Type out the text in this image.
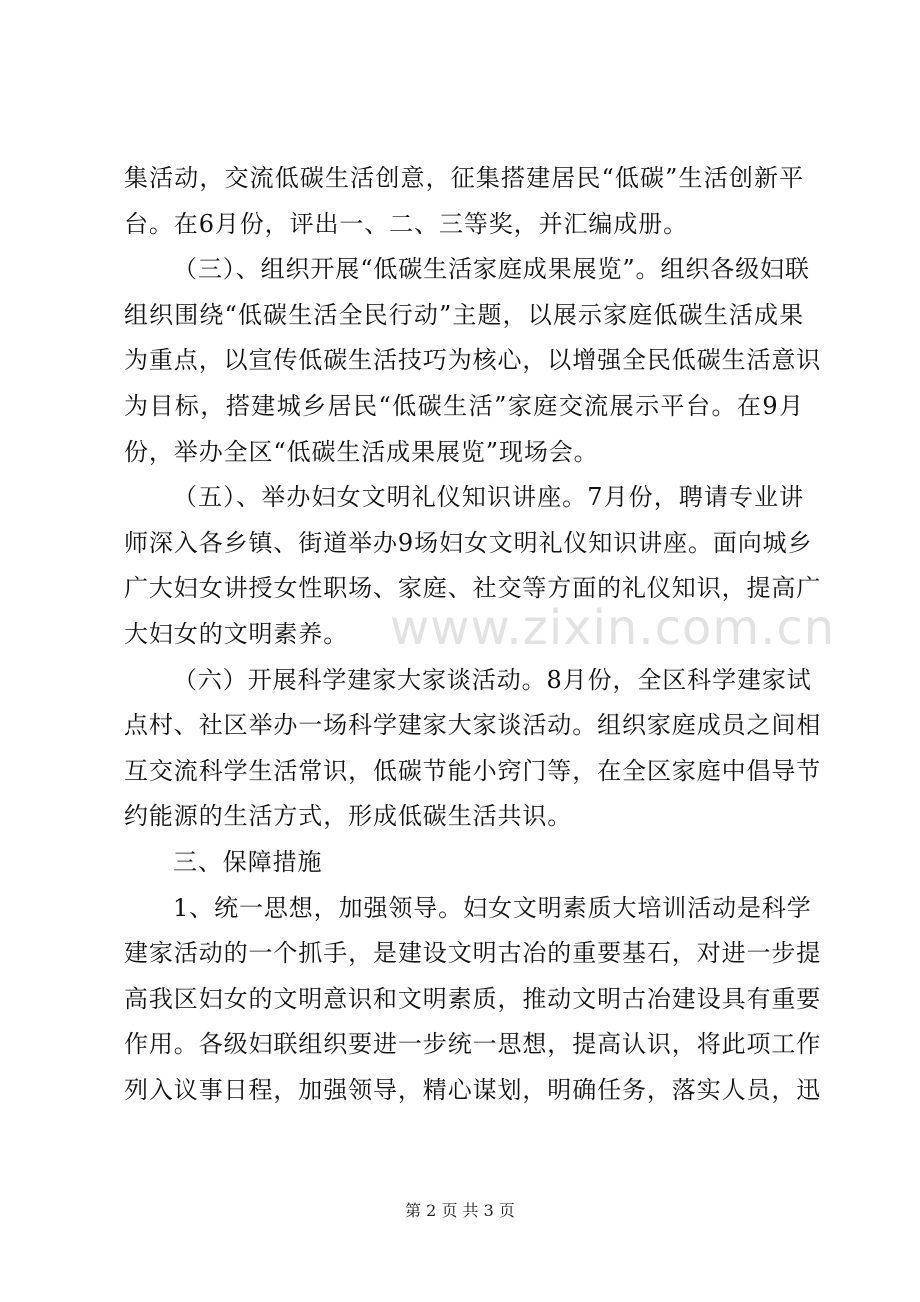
集活动，交流低碳生活创意，征集搭建居民“低碳”生活创新平
台。在6月份，评出一、二、三等奖，并汇编成册。
（三）、组织开展“低碳生活家庭成果展览”。组织各级妇联
组织围绕“低碳生活全民行动”主题，以展示家庭低碳生活成果
为重点，以宣传低碳生活技巧为核心，以增强全民低碳生活意识
为目标，搭建城乡居民“低碳生活”家庭交流展示平台。在9月
份，举办全区“低碳生活成果展览”现场会。
（五）、举办妇女文明礼仪知识讲座。7月份，聘请专业讲
师深入各乡镇、街道举办9场妇女文明礼仪知识讲座。面向城乡
广大妇女讲授女性职场、家庭、社交等方面的礼仪知识，提高广
大妇女的文明素养。
（六）开展科学建家大家谈活动。8月份，全区科学建家试
点村、社区举办一场科学建家大家谈活动。组织家庭成员之间相
互交流科学生活常识，低碳节能小窍门等，在全区家庭中倡导节
约能源的生活方式，形成低碳生活共识。
三、保障措施
1、统一思想，加强领导。妇女文明素质大培训活动是科学
建家活动的一个抓手，是建设文明古冶的重要基石，对进一步提
高我区妇女的文明意识和文明素质，推动文明古冶建设具有重要
作用。各级妇联组织要进一步统一思想，提高认识，将此项工作
列入议事日程，加强领导，精心谋划，明确任务，落实人员，迅
www.zixin.com.cn
第 2 页 共 3 页
